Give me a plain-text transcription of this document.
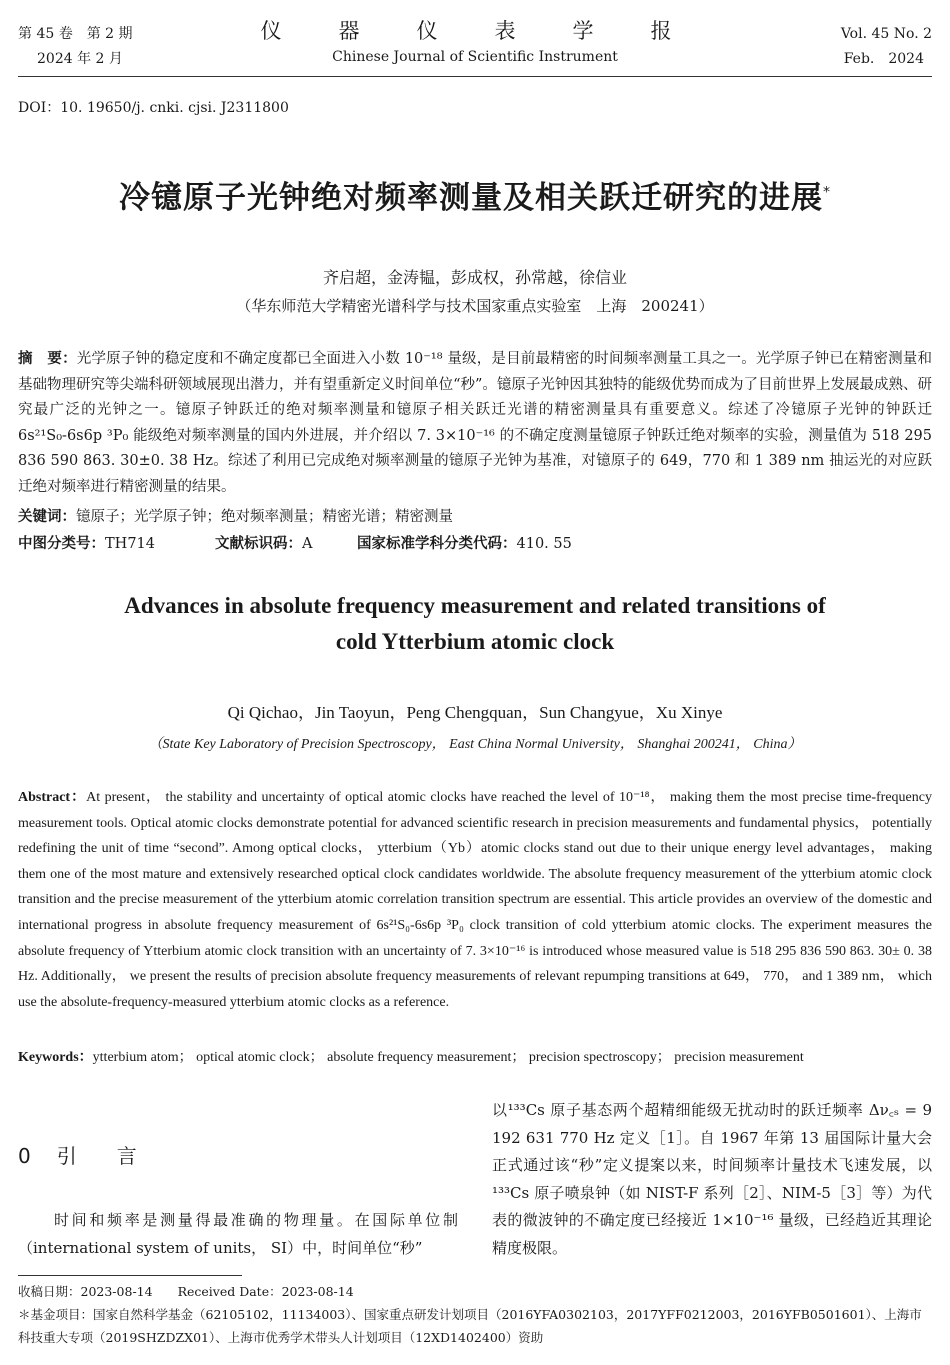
第 45 卷　第 2 期
2024 年 2 月
仪　器　仪　表　学　报
Chinese Journal of Scientific Instrument
Vol. 45 No. 2
Feb.　2024
DOI：10. 19650/j. cnki. cjsi. J2311800
冷镱原子光钟绝对频率测量及相关跃迁研究的进展*
齐启超，金涛韫，彭成权，孙常越，徐信业
（华东师范大学精密光谱科学与技术国家重点实验室　上海　200241）
摘　要：光学原子钟的稳定度和不确定度都已全面进入小数 10⁻¹⁸ 量级，是目前最精密的时间频率测量工具之一。光学原子钟已在精密测量和基础物理研究等尖端科研领域展现出潜力，并有望重新定义时间单位“秒”。镱原子光钟因其独特的能级优势而成为了目前世界上发展最成熟、研究最广泛的光钟之一。镱原子钟跃迁的绝对频率测量和镱原子相关跃迁光谱的精密测量具有重要意义。综述了冷镱原子光钟的钟跃迁 6s²¹S₀-6s6p ³P₀ 能级绝对频率测量的国内外进展，并介绍以 7. 3×10⁻¹⁶ 的不确定度测量镱原子钟跃迁绝对频率的实验，测量值为 518 295 836 590 863. 30±0. 38 Hz。综述了利用已完成绝对频率测量的镱原子光钟为基准，对镱原子的 649，770 和 1 389 nm 抽运光的对应跃迁绝对频率进行精密测量的结果。
关键词：镱原子；光学原子钟；绝对频率测量；精密光谱；精密测量
中图分类号：TH714	文献标识码：A	国家标准学科分类代码：410. 55
Advances in absolute frequency measurement and related transitions of
cold Ytterbium atomic clock
Qi Qichao，Jin Taoyun，Peng Chengquan，Sun Changyue，Xu Xinye
（State Key Laboratory of Precision Spectroscopy， East China Normal University， Shanghai 200241， China）
Abstract：At present， the stability and uncertainty of optical atomic clocks have reached the level of 10⁻¹⁸， making them the most precise time-frequency measurement tools. Optical atomic clocks demonstrate potential for advanced scientific research in precision measurements and fundamental physics， potentially redefining the unit of time “second”. Among optical clocks， ytterbium（Yb）atomic clocks stand out due to their unique energy level advantages， making them one of the most mature and extensively researched optical clock candidates worldwide. The absolute frequency measurement of the ytterbium atomic clock transition and the precise measurement of the ytterbium atomic correlation transition spectrum are essential. This article provides an overview of the domestic and international progress in absolute frequency measurement of 6s²¹S₀-6s6p ³P₀ clock transition of cold ytterbium atomic clocks. The experiment measures the absolute frequency of Ytterbium atomic clock transition with an uncertainty of 7. 3×10⁻¹⁶ is introduced whose measured value is 518 295 836 590 863. 30± 0. 38 Hz. Additionally， we present the results of precision absolute frequency measurements of relevant repumping transitions at 649， 770， and 1 389 nm， which use the absolute-frequency-measured ytterbium atomic clocks as a reference.
Keywords：ytterbium atom； optical atomic clock； absolute frequency measurement； precision spectroscopy； precision measurement
0 引　　言
时间和频率是测量得最准确的物理量。在国际单位制（international system of units， SI）中，时间单位“秒”
以¹³³Cs 原子基态两个超精细能级无扰动时的跃迁频率 Δν꜀ₛ = 9 192 631 770 Hz 定义［1］。自 1967 年第 13 届国际计量大会正式通过该“秒”定义提案以来，时间频率计量技术飞速发展，以¹³³Cs 原子喷泉钟（如 NIST-F 系列［2］、NIM-5［3］等）为代表的微波钟的不确定度已经接近 1×10⁻¹⁶ 量级，已经趋近其理论精度极限。
收稿日期：2023-08-14　　Received Date：2023-08-14
＊基金项目：国家自然科学基金（62105102，11134003）、国家重点研发计划项目（2016YFA0302103，2017YFF0212003，2016YFB0501601）、上海市科技重大专项（2019SHZDZX01）、上海市优秀学术带头人计划项目（12XD1402400）资助
